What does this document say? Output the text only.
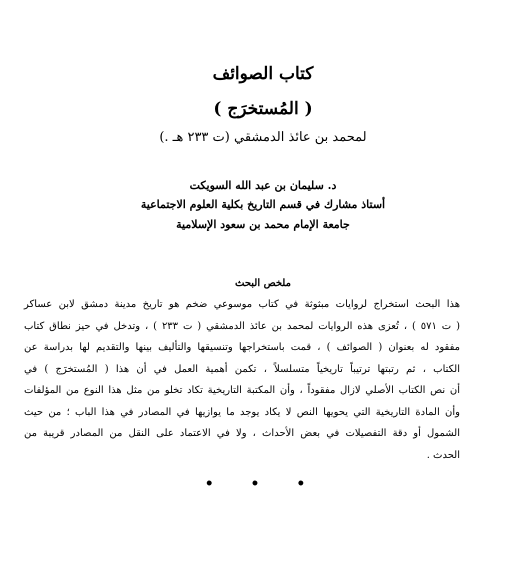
كتاب الصوائف
( المُستخرَج )
لمحمد بن عائذ الدمشقي (ت ٢٣٣ هـ .)
د. سليمان بن عبد الله السويكت
أستاذ مشارك في قسم التاريخ بكلية العلوم الاجتماعية
جامعة الإمام محمد بن سعود الإسلامية
ملخص البحث
هذا البحث استخراج لروايات مبثوثة في كتاب موسوعي ضخم هو تاريخ مدينة دمشق لابن عساكر
( ت ٥٧١ ) ، تُعزى هذه الروايات لمحمد بن عائذ الدمشقي ( ت ٢٣٣ ) ، وتدخل في حيز نطاق كتاب
مفقود له بعنوان ( الصوائف ) ، قمت باستخراجها وتنسيقها والتأليف بينها والتقديم لها بدراسة عن
الكتاب ، ثم رتبتها ترتيباً تاريخياً متسلسلاً ، تكمن أهمية العمل في أن هذا ( المُستخرَج ) في
أن نص الكتاب الأصلي لازال مفقوداً ، وأن المكتبة التاريخية تكاد تخلو من مثل هذا النوع من المؤلفات
وأن المادة التاريخية التي يحويها النص لا يكاد يوجد ما يوازيها في المصادر في هذا الباب ؛ من حيث
الشمول أو دقة التفصيلات في بعض الأحداث ، ولا في الاعتماد على النقل من المصادر قريبة من
الحدث .
• • •
